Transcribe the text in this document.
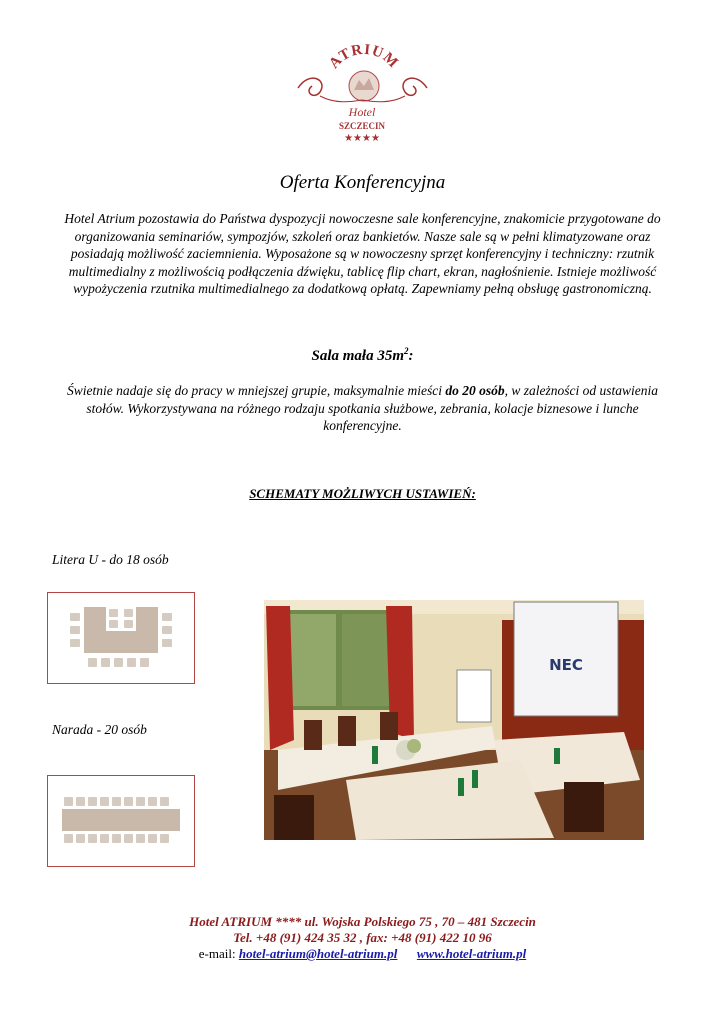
ATRIUM
Hotel
SZCZECIN
★★★★
Oferta Konferencyjna
Hotel Atrium pozostawia do Państwa dyspozycji nowoczesne sale konferencyjne, znakomicie przygotowane do organizowania seminariów, sympozjów, szkoleń oraz bankietów. Nasze sale są w pełni klimatyzowane oraz posiadają możliwość zaciemnienia. Wyposażone są w nowoczesny sprzęt konferencyjny i techniczny: rzutnik multimedialny z możliwością podłączenia dźwięku, tablicę flip chart, ekran, nagłośnienie. Istnieje możliwość wypożyczenia rzutnika multimedialnego za dodatkową opłatą. Zapewniamy pełną obsługę gastronomiczną.
Sala mała $35m^2$:
Świetnie nadaje się do pracy w mniejszej grupie, maksymalnie mieści do 20 osób, w zależności od ustawienia stołów. Wykorzystywana na różnego rodzaju spotkania służbowe, zebrania, kolacje biznesowe i lunche konferencyjne.
SCHEMATY MOŻLIWYCH USTAWIEŃ:
Litera U - do 18 osób
Narada - 20 osób
NEC
Hotel ATRIUM **** ul. Wojska Polskiego 75 , 70 – 481 Szczecin
Tel. +48 (91) 424 35 32 , fax: +48 (91) 422 10 96
e-mail: hotel-atrium@hotel-atrium.pl www.hotel-atrium.pl
